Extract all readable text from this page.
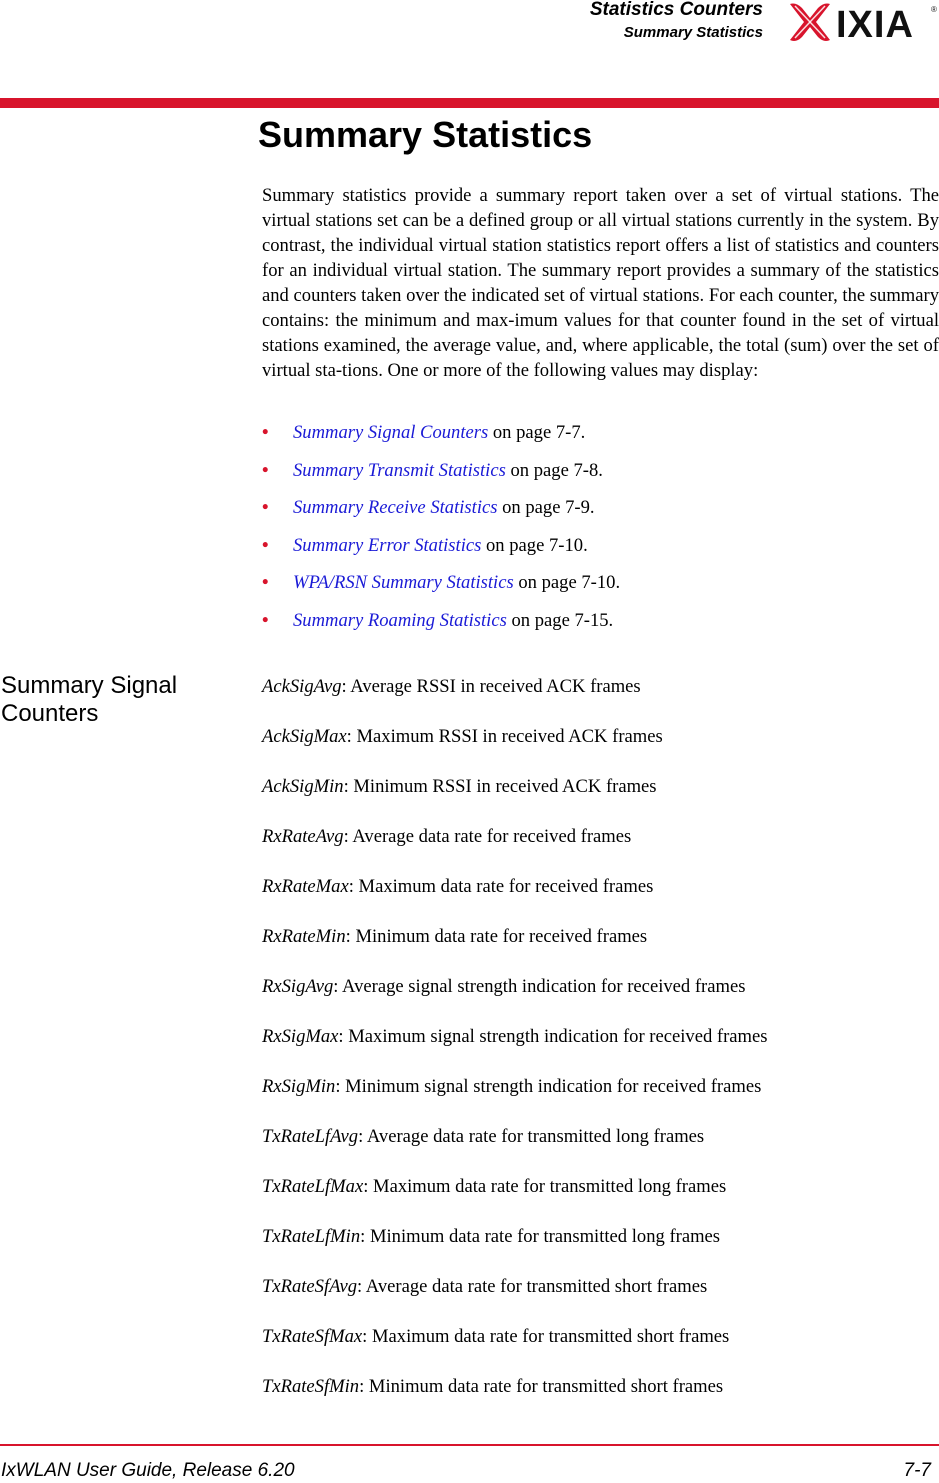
Statistics Counters
Summary Statistics IXIA ®
Summary Statistics

Summary statistics provide a summary report taken over a set of virtual stations. The virtual stations set can be a defined group or all virtual stations currently in the system. By contrast, the individual virtual station statistics report offers a list of statistics and counters for an individual virtual station. The summary report provides a summary of the statistics and counters taken over the indicated set of virtual stations. For each counter, the summary contains: the minimum and max-imum values for that counter found in the set of virtual stations examined, the average value, and, where applicable, the total (sum) over the set of virtual sta-tions. One or more of the following values may display:

• Summary Signal Counters on page 7-7.
• Summary Transmit Statistics on page 7-8.
• Summary Receive Statistics on page 7-9.
• Summary Error Statistics on page 7-10.
• WPA/RSN Summary Statistics on page 7-10.
• Summary Roaming Statistics on page 7-15.
Summary Signal Counters
AckSigAvg: Average RSSI in received ACK frames
AckSigMax: Maximum RSSI in received ACK frames
AckSigMin: Minimum RSSI in received ACK frames
RxRateAvg: Average data rate for received frames
RxRateMax: Maximum data rate for received frames
RxRateMin: Minimum data rate for received frames
RxSigAvg: Average signal strength indication for received frames
RxSigMax: Maximum signal strength indication for received frames
RxSigMin: Minimum signal strength indication for received frames
TxRateLfAvg: Average data rate for transmitted long frames
TxRateLfMax: Maximum data rate for transmitted long frames
TxRateLfMin: Minimum data rate for transmitted long frames
TxRateSfAvg: Average data rate for transmitted short frames
TxRateSfMax: Maximum data rate for transmitted short frames
TxRateSfMin: Minimum data rate for transmitted short frames
IxWLAN User Guide, Release 6.20	7-7
